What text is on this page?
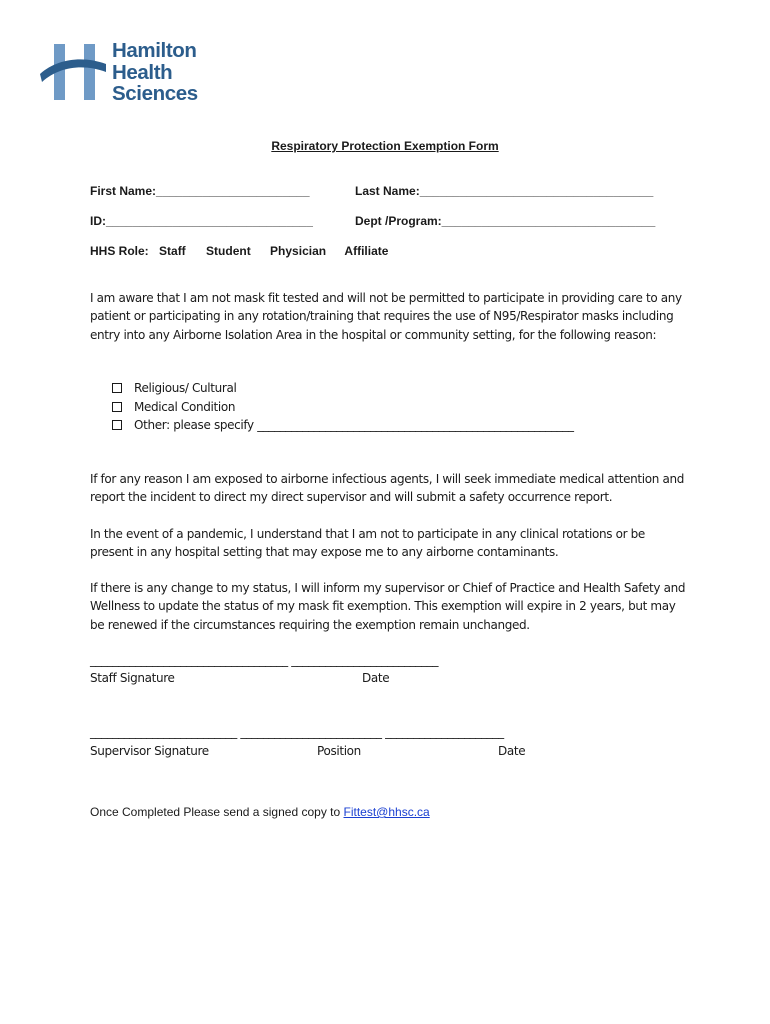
Hamilton
Health
Sciences
Respiratory Protection Exemption Form
First Name:_______________________	Last Name:___________________________________
ID:_______________________________	Dept /Program:________________________________
HHS Role: Staff Student Physician Affiliate

I am aware that I am not mask fit tested and will not be permitted to participate in providing care to any patient or participating in any rotation/training that requires the use of N95/Respirator masks including entry into any Airborne Isolation Area in the hospital or community setting, for the following reason:

Religious/ Cultural
Medical Condition
Other: please specify ________________________________________________________

If for any reason I am exposed to airborne infectious agents, I will seek immediate medical attention and report the incident to direct my direct supervisor and will submit a safety occurrence report.

In the event of a pandemic, I understand that I am not to participate in any clinical rotations or be present in any hospital setting that may expose me to any airborne contaminants.

If there is any change to my status, I will inform my supervisor or Chief of Practice and Health Safety and Wellness to update the status of my mask fit exemption. This exemption will expire in 2 years, but may be renewed if the circumstances requiring the exemption remain unchanged.

___________________________________ __________________________
Staff Signature	Date
__________________________ _________________________ _____________________
Supervisor Signature	Position	Date
Once Completed Please send a signed copy to Fittest@hhsc.ca
